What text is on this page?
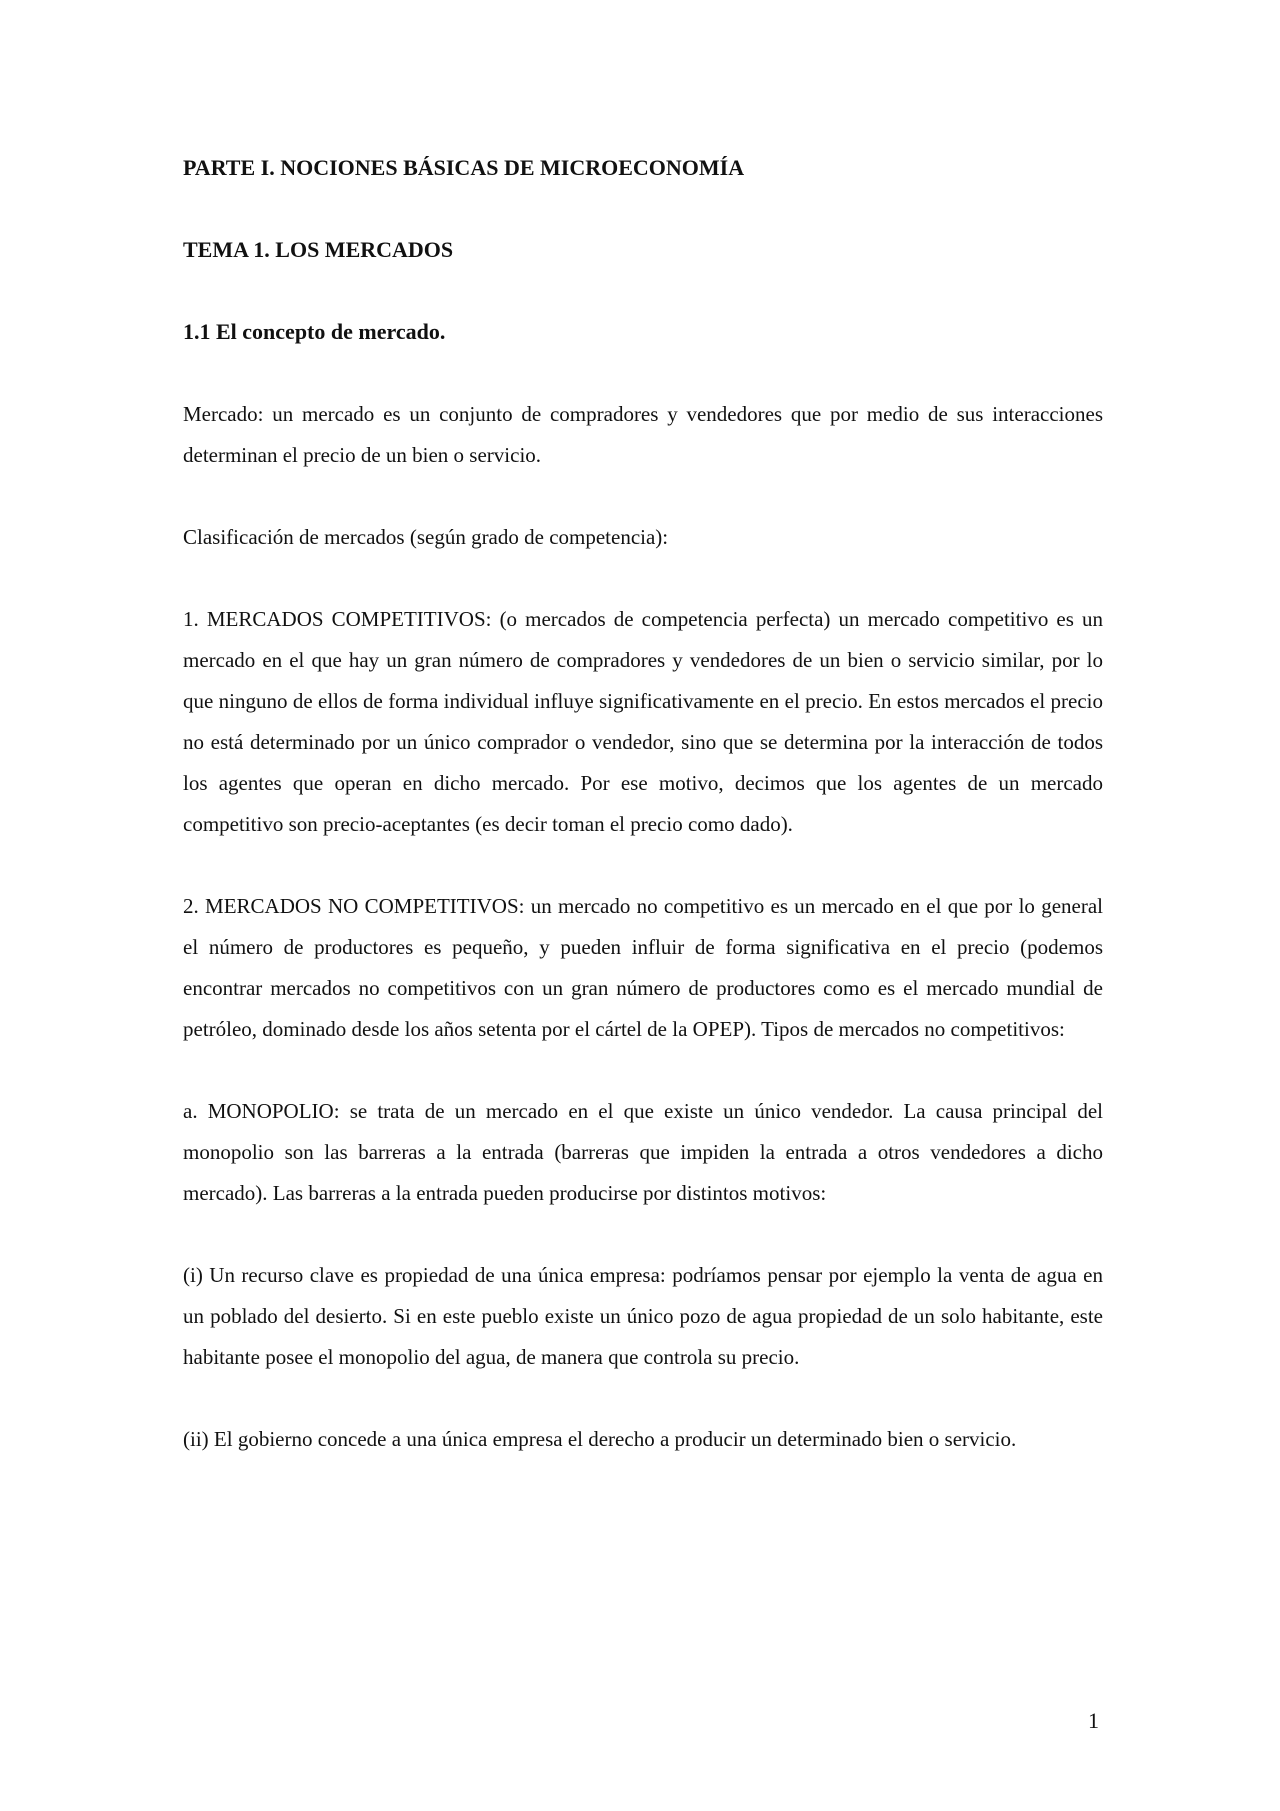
PARTE I. NOCIONES BÁSICAS DE MICROECONOMÍA
TEMA 1. LOS MERCADOS
1.1 El concepto de mercado.

Mercado: un mercado es un conjunto de compradores y vendedores que por medio de sus interacciones determinan el precio de un bien o servicio.

Clasificación de mercados (según grado de competencia):

1. MERCADOS COMPETITIVOS: (o mercados de competencia perfecta) un mercado competitivo es un mercado en el que hay un gran número de compradores y vendedores de un bien o servicio similar, por lo que ninguno de ellos de forma individual influye significativamente en el precio. En estos mercados el precio no está determinado por un único comprador o vendedor, sino que se determina por la interacción de todos los agentes que operan en dicho mercado. Por ese motivo, decimos que los agentes de un mercado competitivo son precio-aceptantes (es decir toman el precio como dado).

2. MERCADOS NO COMPETITIVOS: un mercado no competitivo es un mercado en el que por lo general el número de productores es pequeño, y pueden influir de forma significativa en el precio (podemos encontrar mercados no competitivos con un gran número de productores como es el mercado mundial de petróleo, dominado desde los años setenta por el cártel de la OPEP). Tipos de mercados no competitivos:

a. MONOPOLIO: se trata de un mercado en el que existe un único vendedor. La causa principal del monopolio son las barreras a la entrada (barreras que impiden la entrada a otros vendedores a dicho mercado). Las barreras a la entrada pueden producirse por distintos motivos:

(i) Un recurso clave es propiedad de una única empresa: podríamos pensar por ejemplo la venta de agua en un poblado del desierto. Si en este pueblo existe un único pozo de agua propiedad de un solo habitante, este habitante posee el monopolio del agua, de manera que controla su precio.

(ii) El gobierno concede a una única empresa el derecho a producir un determinado bien o servicio.

1
